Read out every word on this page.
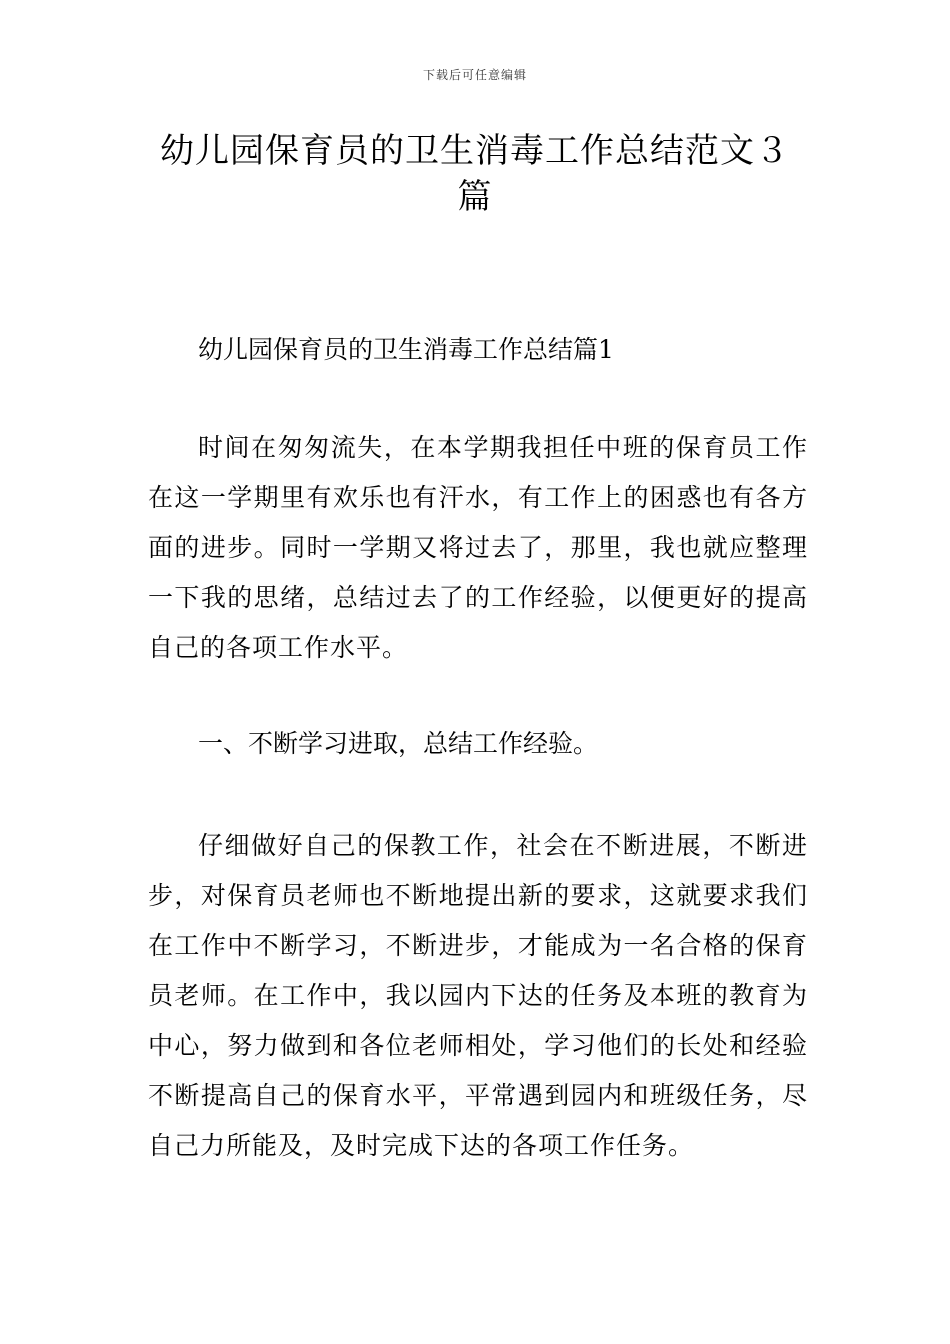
下载后可任意编辑
幼儿园保育员的卫生消毒工作总结范文３篇

幼儿园保育员的卫生消毒工作总结篇1

时间在匆匆流失，在本学期我担任中班的保育员工作在这一学期里有欢乐也有汗水，有工作上的困惑也有各方面的进步。同时一学期又将过去了，那里，我也就应整理一下我的思绪，总结过去了的工作经验，以便更好的提高自己的各项工作水平。

一、不断学习进取，总结工作经验。

仔细做好自己的保教工作，社会在不断进展，不断进步，对保育员老师也不断地提出新的要求，这就要求我们在工作中不断学习，不断进步，才能成为一名合格的保育员老师。在工作中，我以园内下达的任务及本班的教育为中心，努力做到和各位老师相处，学习他们的长处和经验不断提高自己的保育水平，平常遇到园内和班级任务，尽自己力所能及，及时完成下达的各项工作任务。
